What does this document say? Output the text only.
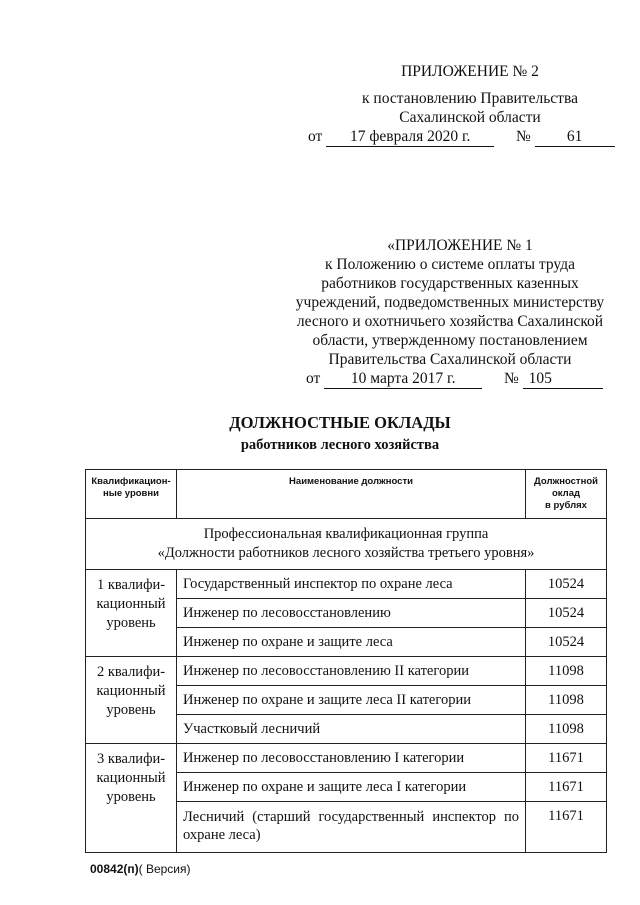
ПРИЛОЖЕНИЕ № 2
к постановлению Правительства
Сахалинской области
от 17 февраля 2020 г.	№ 61
«ПРИЛОЖЕНИЕ № 1
к Положению о системе оплаты труда
работников государственных казенных
учреждений, подведомственных министерству
лесного и охотничьего хозяйства Сахалинской
области, утвержденному постановлением
Правительства Сахалинской области
от 10 марта 2017 г.	№ 105
ДОЛЖНОСТНЫЕ ОКЛАДЫ
работников лесного хозяйства
Квалификацион-ные уровни	Наименование должности	Должностной
оклад
в рублях

Профессиональная квалификационная группа
«Должности работников лесного хозяйства третьего уровня»		

1 квалифи-
кационный
уровень	Государственный инспектор по охране леса	10524
	Инженер по лесовосстановлению	10524
	Инженер по охране и защите леса	10524

2 квалифи-
кационный
уровень	Инженер по лесовосстановлению II категории	11098
	Инженер по охране и защите леса II категории	11098
	Участковый лесничий	11098

3 квалифи-
кационный
уровень	Инженер по лесовосстановлению I категории	11671
	Инженер по охране и защите леса I категории	11671
	Лесничий (старший государственный инспектор по охране леса)	11671
00842(п)( Версия)
